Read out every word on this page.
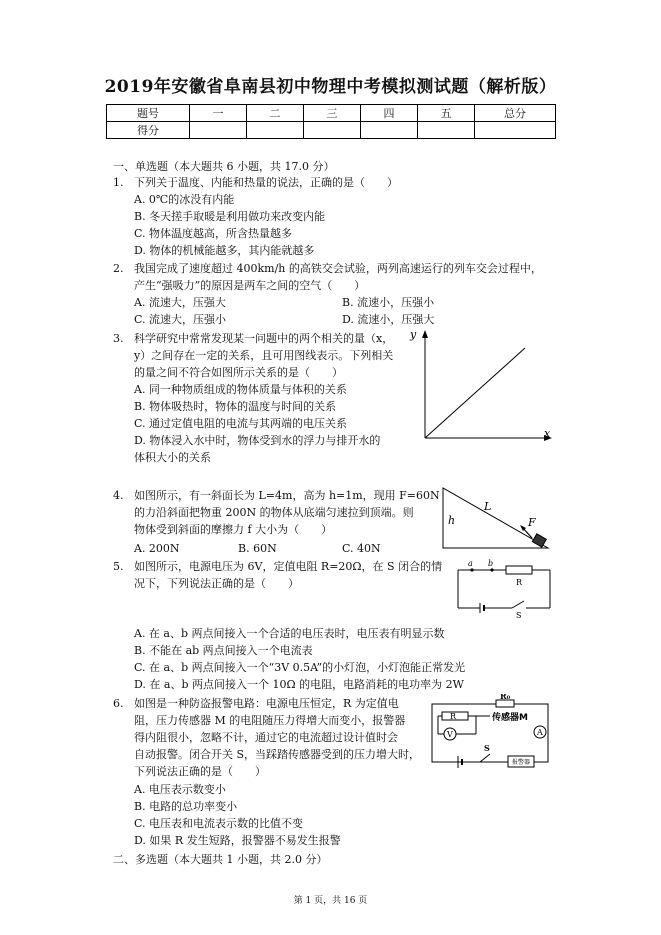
2019年安徽省阜南县初中物理中考模拟测试题（解析版）
题号	一	二	三	四	五	总分
得分						
一、单选题（本大题共 6 小题，共 17.0 分）
1. 下列关于温度、内能和热量的说法，正确的是（　　）
A. 0℃的冰没有内能
B. 冬天搓手取暖是利用做功来改变内能
C. 物体温度越高，所含热量越多
D. 物体的机械能越多，其内能就越多
2. 我国完成了速度超过 400km/h 的高铁交会试验，两列高速运行的列车交会过程中，
产生“强吸力”的原因是两车之间的空气（　　）
A. 流速大，压强大	B. 流速小，压强小
C. 流速大，压强小	D. 流速小，压强大
3. 科学研究中常常发现某一问题中的两个相关的量（x，
y）之间存在一定的关系，且可用图线表示。下列相关
的量之间不符合如图所示关系的是（　　）
A. 同一种物质组成的物体质量与体积的关系
B. 物体吸热时，物体的温度与时间的关系
C. 通过定值电阻的电流与其两端的电压关系
D. 物体浸入水中时，物体受到水的浮力与排开水的
体积大小的关系
y
x
4. 如图所示，有一斜面长为 L=4m，高为 h=1m，现用 F=60N
的力沿斜面把物重 200N 的物体从底端匀速拉到顶端。则
物体受到斜面的摩擦力 f 大小为（　　）
A. 200N	B. 60N	C. 40N
L
h	F
5. 如图所示，电源电压为 6V，定值电阻 R=20Ω，在 S 闭合的情
况下，下列说法正确的是（　　）
a b
R
S
A. 在 a、b 两点间接入一个合适的电压表时，电压表有明显示数
B. 不能在 ab 两点间接入一个电流表
C. 在 a、b 两点间接入一个“3V 0.5A”的小灯泡，小灯泡能正常发光
D. 在 a、b 两点间接入一个 10Ω 的电阻，电路消耗的电功率为 2W
6. 如图是一种防盗报警电路：电源电压恒定，R 为定值电
阻，压力传感器 M 的电阻随压力得增大而变小，报警器
得内阻很小，忽略不计，通过它的电流超过设计值时会
自动报警。闭合开关 S，当踩踏传感器受到的压力增大时，
下列说法正确的是（　　）
R₀
R	传感器M
V	A
S
报警器
A. 电压表示数变小
B. 电路的总功率变小
C. 电压表和电流表示数的比值不变
D. 如果 R 发生短路，报警器不易发生报警
二、多选题（本大题共 1 小题，共 2.0 分）
第 1 页，共 16 页
